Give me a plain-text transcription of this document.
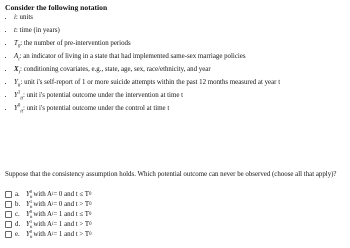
Consider the following notation
• i: units
• t: time (in years)
• $T_0$: the number of pre-intervention periods
• $A_i$: an indicator of living in a state that had implemented same-sex marriage policies
• $X_i$: conditioning covariates, e.g., state, age, sex, race/ethnicity, and year
• $Y_{it}$: unit i's self-report of 1 or more suicide attempts within the past 12 months measured at year t
• $Y^1_{it}$: unit i's potential outcome under the intervention at time t
• $Y^0_{it}$: unit i's potential outcome under the control at time t
Suppose that the consistency assumption holds. Which potential outcome can never be observed (choose all that apply)?
a. Y 0
it with A i = 0 and t ≤ T 0
b. Y 1
it with A i = 0 and t > T 0
c. Y 0
it with A i = 1 and t ≤ T 0
d. Y 1
it with A i = 1 and t > T 0
e. Y 0
it with A i = 1 and t > T 0
